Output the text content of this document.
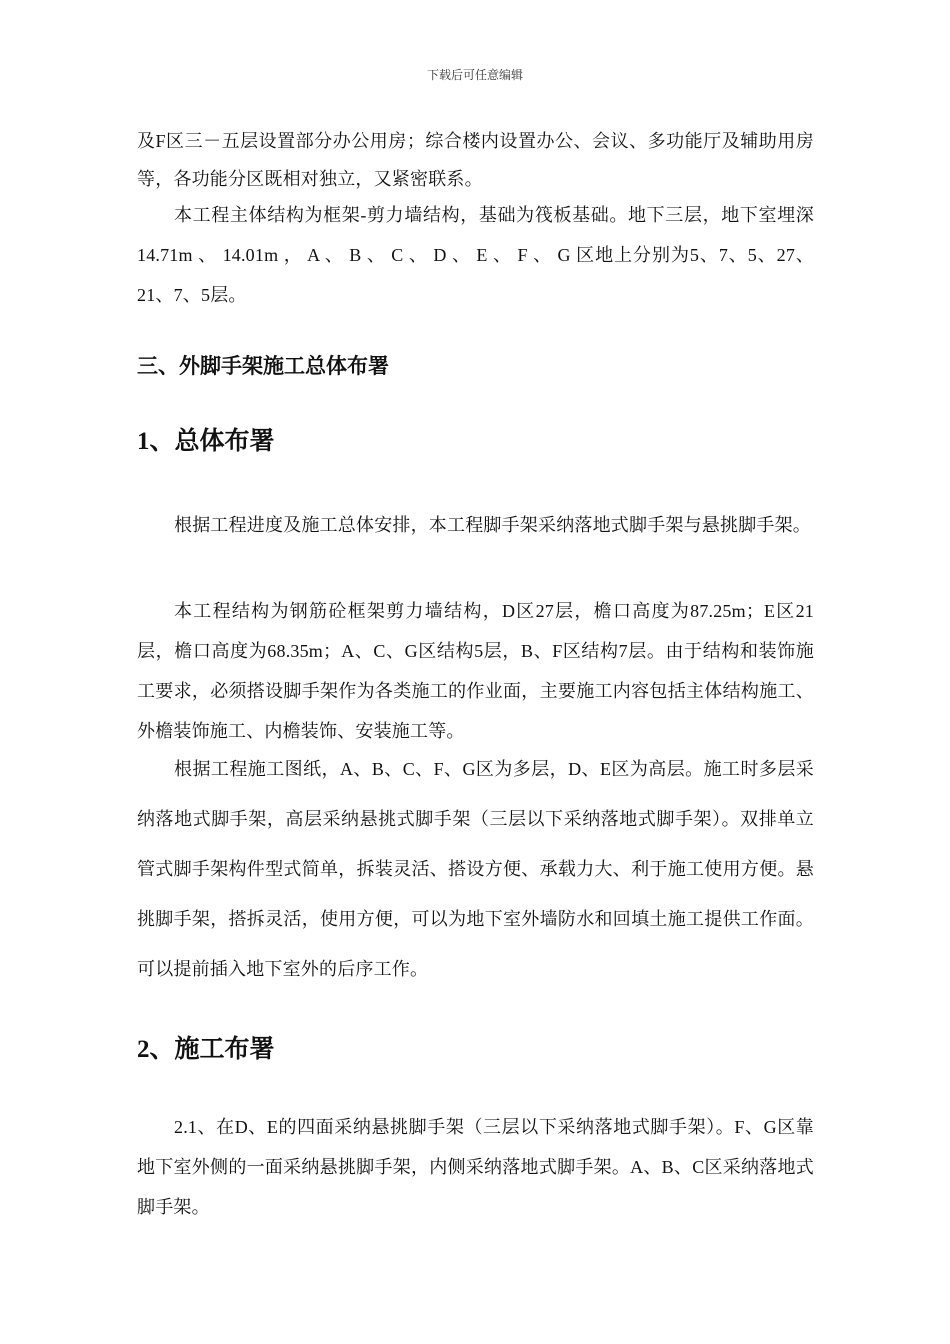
下载后可任意编辑

及F区三－五层设置部分办公用房；综合楼内设置办公、会议、多功能厅及辅助用房等，各功能分区既相对独立，又紧密联系。

本工程主体结构为框架-剪力墙结构，基础为筏板基础。地下三层，地下室埋深 14.71m 、 14.01m ， A 、 B 、 C 、 D 、 E 、 F 、 G 区地上分别为5、7、5、27、21、7、5层。

三、外脚手架施工总体布署
1、总体布署

根据工程进度及施工总体安排，本工程脚手架采纳落地式脚手架与悬挑脚手架。

本工程结构为钢筋砼框架剪力墙结构，D区27层，檐口高度为87.25m；E区21层，檐口高度为68.35m；A、C、G区结构5层，B、F区结构7层。由于结构和装饰施工要求，必须搭设脚手架作为各类施工的作业面，主要施工内容包括主体结构施工、外檐装饰施工、内檐装饰、安装施工等。

根据工程施工图纸，A、B、C、F、G区为多层，D、E区为高层。施工时多层采纳落地式脚手架，高层采纳悬挑式脚手架（三层以下采纳落地式脚手架）。双排单立管式脚手架构件型式简单，拆装灵活、搭设方便、承载力大、利于施工使用方便。悬挑脚手架，搭拆灵活，使用方便，可以为地下室外墙防水和回填土施工提供工作面。可以提前插入地下室外的后序工作。

2、施工布署

2.1、在D、E的四面采纳悬挑脚手架（三层以下采纳落地式脚手架）。F、G区靠地下室外侧的一面采纳悬挑脚手架，内侧采纳落地式脚手架。A、B、C区采纳落地式脚手架。
